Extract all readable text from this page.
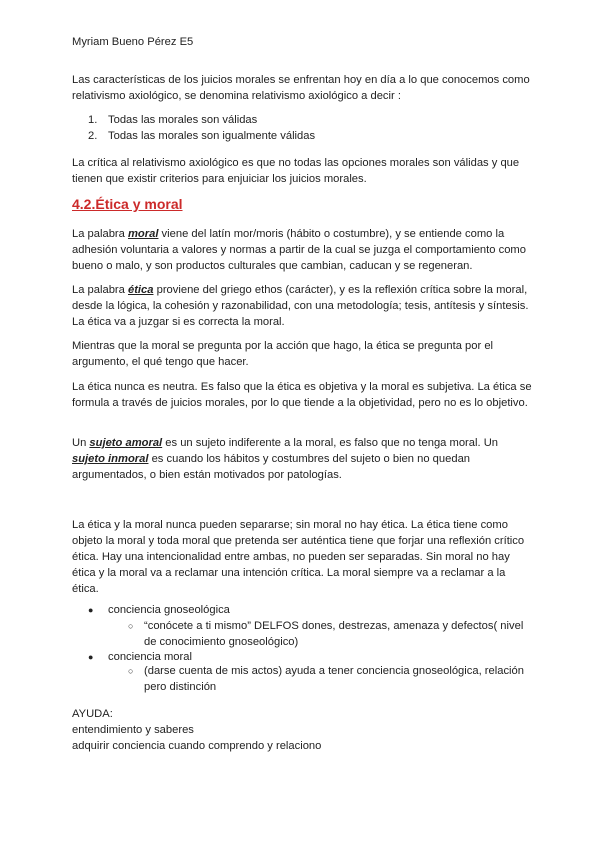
Myriam Bueno Pérez E5

Las características de los juicios morales se enfrentan hoy en día a lo que conocemos como relativismo axiológico, se denomina relativismo axiológico a decir :

1. Todas las morales son válidas
2. Todas las morales son igualmente válidas

La crítica al relativismo axiológico es que no todas las opciones morales son válidas y que tienen que existir criterios para enjuiciar los juicios morales.

4.2.Ética y moral

La palabra moral viene del latín mor/moris (hábito o costumbre), y se entiende como la adhesión voluntaria a valores y normas a partir de la cual se juzga el comportamiento como bueno o malo, y son productos culturales que cambian, caducan y se regeneran.

La palabra ética proviene del griego ethos (carácter), y es la reflexión crítica sobre la moral, desde la lógica, la cohesión y razonabilidad, con una metodología; tesis, antítesis y síntesis. La ética va a juzgar si es correcta la moral.

Mientras que la moral se pregunta por la acción que hago, la ética se pregunta por el argumento, el qué tengo que hacer.

La ética nunca es neutra. Es falso que la ética es objetiva y la moral es subjetiva. La ética se formula a través de juicios morales, por lo que tiende a la objetividad, pero no es lo objetivo.

Un sujeto amoral es un sujeto indiferente a la moral, es falso que no tenga moral. Un sujeto inmoral es cuando los hábitos y costumbres del sujeto o bien no quedan argumentados, o bien están motivados por patologías.

La ética y la moral nunca pueden separarse; sin moral no hay ética. La ética tiene como objeto la moral y toda moral que pretenda ser auténtica tiene que forjar una reflexión crítico ética. Hay una intencionalidad entre ambas, no pueden ser separadas. Sin moral no hay ética y la moral va a reclamar una intención crítica. La moral siempre va a reclamar a la ética.

● conciencia gnoseológica
○ “conócete a ti mismo” DELFOS dones, destrezas, amenaza y defectos( nivel de conocimiento gnoseológico)
● conciencia moral
○ (darse cuenta de mis actos) ayuda a tener conciencia gnoseológica, relación pero distinción
AYUDA:
entendimiento y saberes
adquirir conciencia cuando comprendo y relaciono
